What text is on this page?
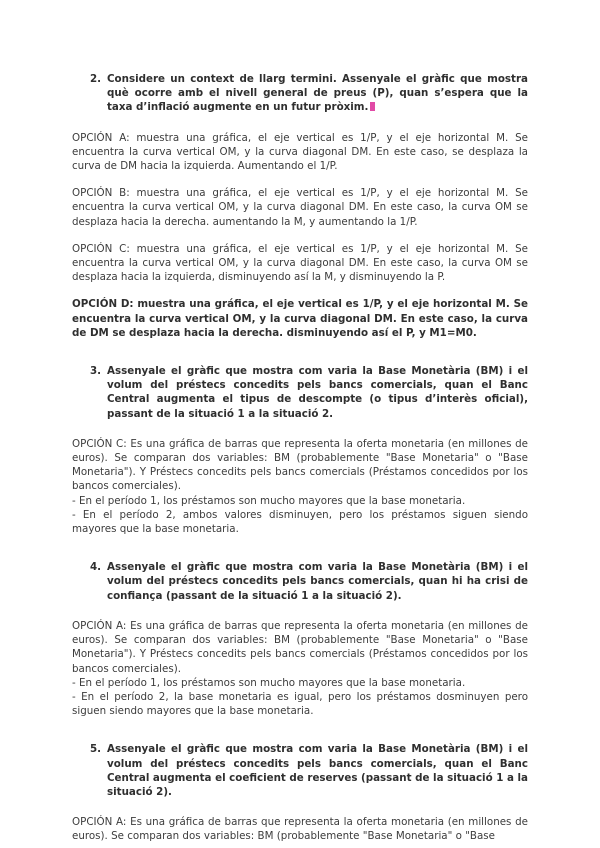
2. Considere un context de llarg termini. Assenyale el gràfic que mostra què ocorre amb el nivell general de preus (P), quan s’espera que la taxa d’inflació augmente en un futur pròxim.

OPCIÓN A: muestra una gráfica, el eje vertical es 1/P, y el eje horizontal M. Se encuentra la curva vertical OM, y la curva diagonal DM. En este caso, se desplaza la curva de DM hacia la izquierda. Aumentando el 1/P.

OPCIÓN B: muestra una gráfica, el eje vertical es 1/P, y el eje horizontal M. Se encuentra la curva vertical OM, y la curva diagonal DM. En este caso, la curva OM se desplaza hacia la derecha. aumentando la M, y aumentando la 1/P.

OPCIÓN C: muestra una gráfica, el eje vertical es 1/P, y el eje horizontal M. Se encuentra la curva vertical OM, y la curva diagonal DM. En este caso, la curva OM se desplaza hacia la izquierda, disminuyendo así la M, y disminuyendo la P.

OPCIÓN D: muestra una gráfica, el eje vertical es 1/P, y el eje horizontal M. Se encuentra la curva vertical OM, y la curva diagonal DM. En este caso, la curva de DM se desplaza hacia la derecha. disminuyendo así el P, y M1=M0.

3. Assenyale el gràfic que mostra com varia la Base Monetària (BM) i el volum del préstecs concedits pels bancs comercials, quan el Banc Central augmenta el tipus de descompte (o tipus d’interès oficial), passant de la situació 1 a la situació 2.

OPCIÓN C: Es una gráfica de barras que representa la oferta monetaria (en millones de euros). Se comparan dos variables: BM (probablemente "Base Monetaria" o "Base Monetaria"). Y Préstecs concedits pels bancs comercials (Préstamos concedidos por los bancos comerciales).

- En el período 1, los préstamos son mucho mayores que la base monetaria.

- En el período 2, ambos valores disminuyen, pero los préstamos siguen siendo mayores que la base monetaria.

4. Assenyale el gràfic que mostra com varia la Base Monetària (BM) i el volum del préstecs concedits pels bancs comercials, quan hi ha crisi de confiança (passant de la situació 1 a la situació 2).

OPCIÓN A: Es una gráfica de barras que representa la oferta monetaria (en millones de euros). Se comparan dos variables: BM (probablemente "Base Monetaria" o "Base Monetaria"). Y Préstecs concedits pels bancs comercials (Préstamos concedidos por los bancos comerciales).

- En el período 1, los préstamos son mucho mayores que la base monetaria.

- En el período 2, la base monetaria es igual, pero los préstamos dosminuyen pero siguen siendo mayores que la base monetaria.

5. Assenyale el gràfic que mostra com varia la Base Monetària (BM) i el volum del préstecs concedits pels bancs comercials, quan el Banc Central augmenta el coeficient de reserves (passant de la situació 1 a la situació 2).

OPCIÓN A: Es una gráfica de barras que representa la oferta monetaria (en millones de euros). Se comparan dos variables: BM (probablemente "Base Monetaria" o "Base
